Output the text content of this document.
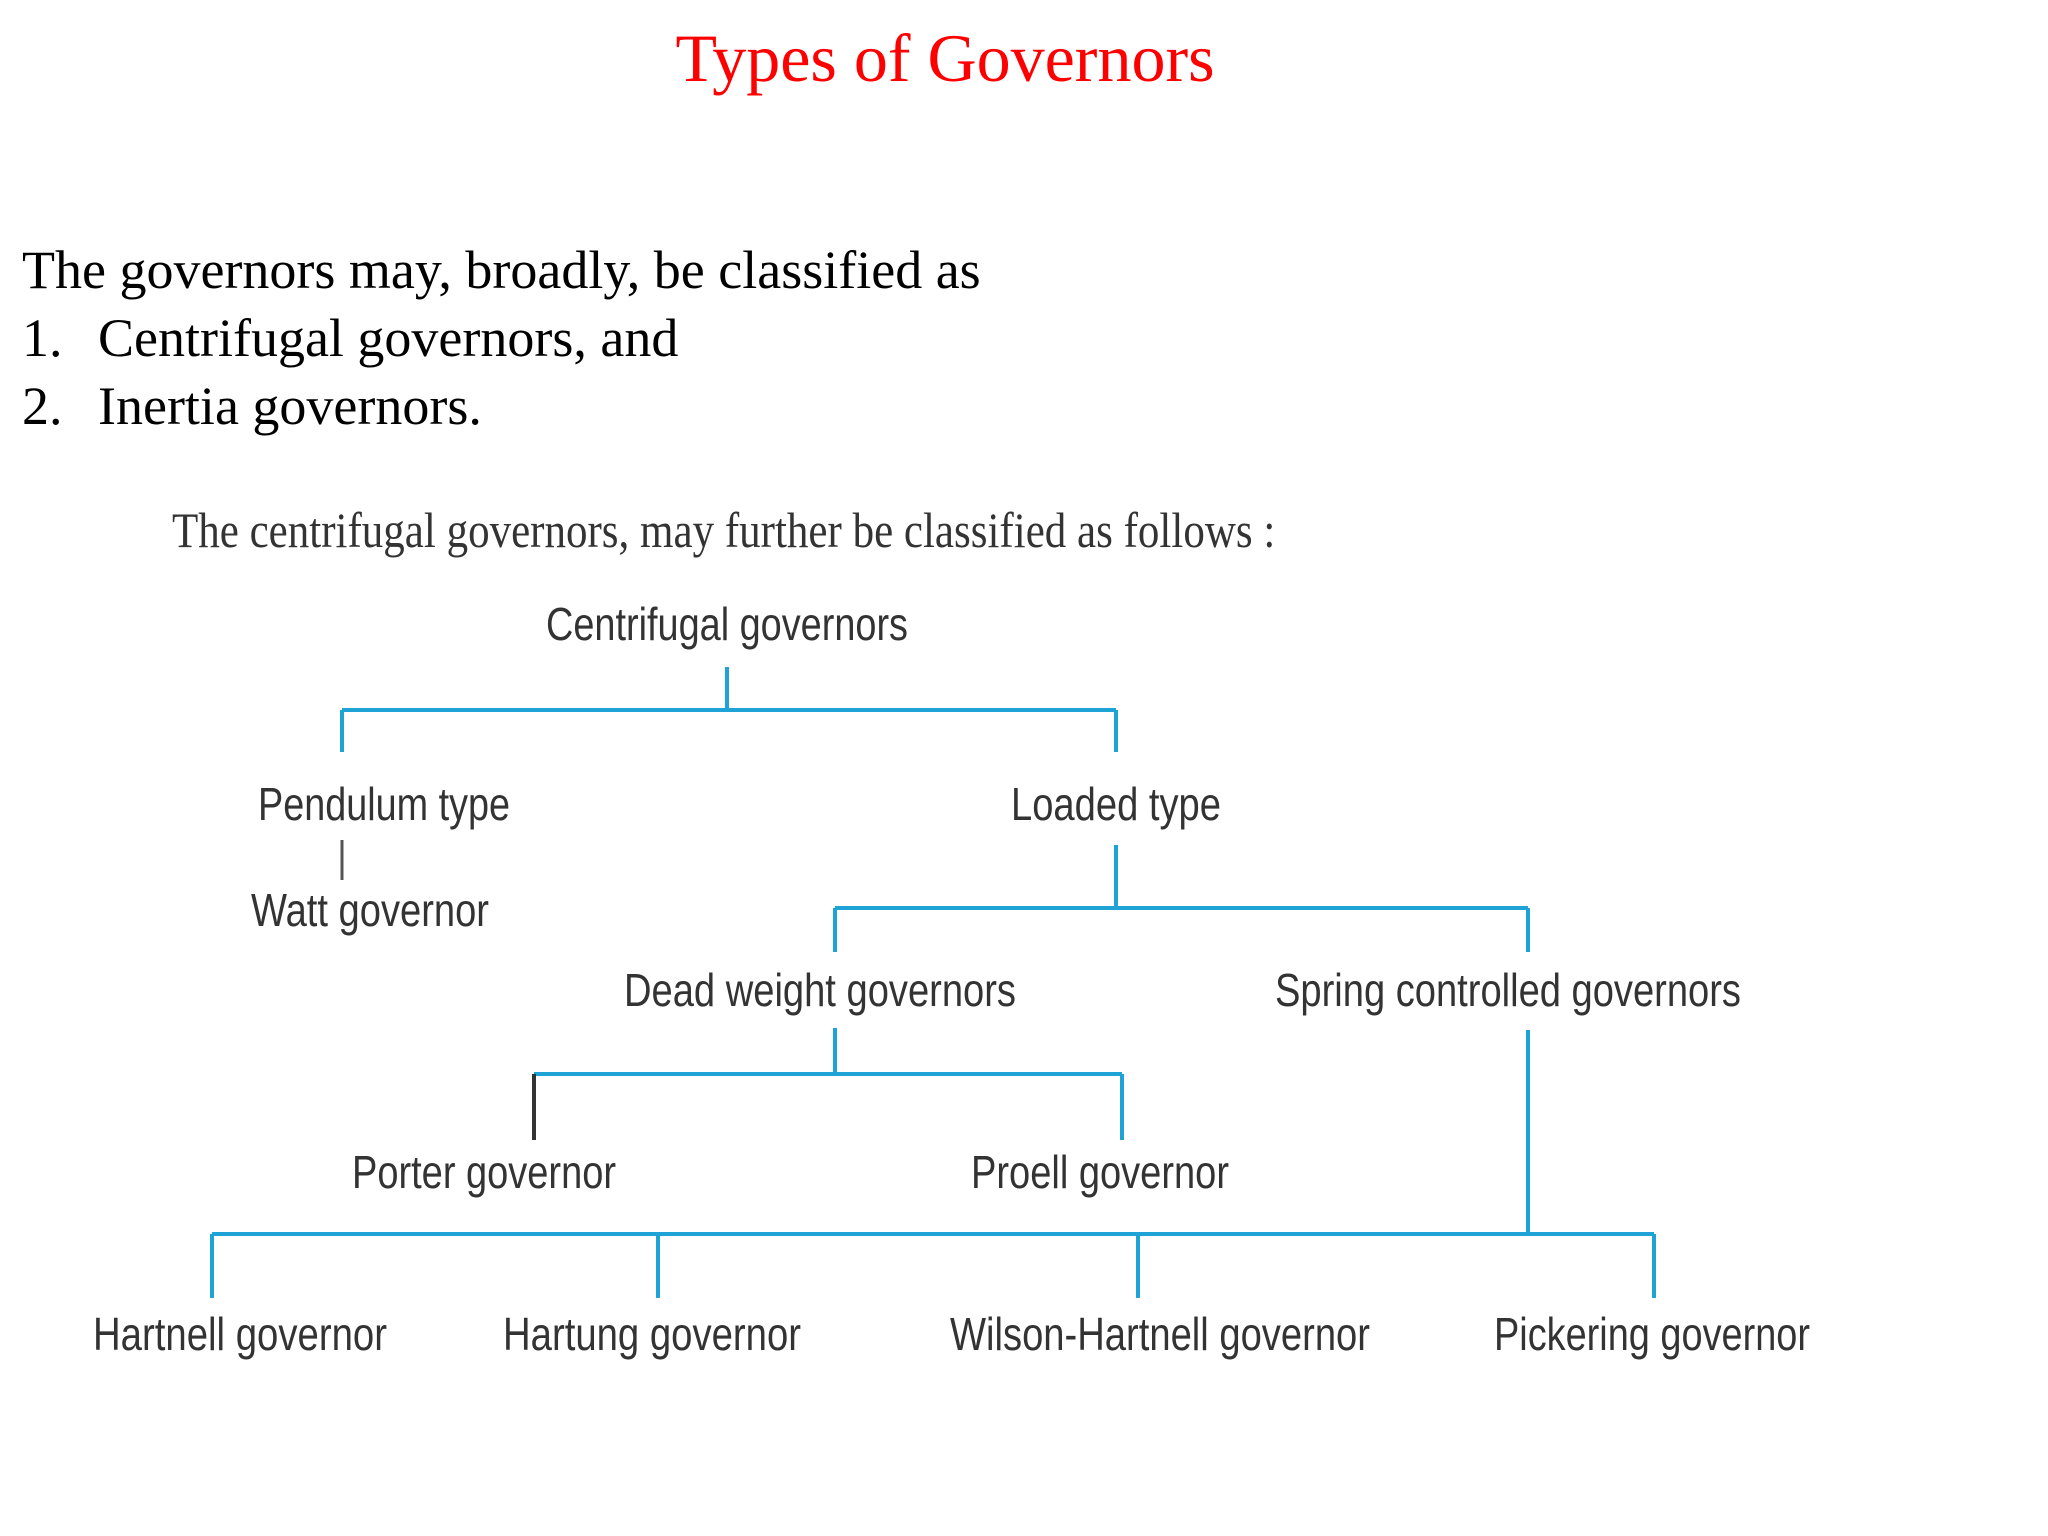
Types of Governors
The governors may, broadly, be classified as
1. Centrifugal governors, and
2. Inertia governors.
The centrifugal governors, may further be classified as follows :
Centrifugal governors
Pendulum type
Watt governor
Loaded type
Dead weight governors	Spring controlled governors
Porter governor	Proell governor
Hartnell governor	Hartung governor	Wilson-Hartnell governor	Pickering governor
